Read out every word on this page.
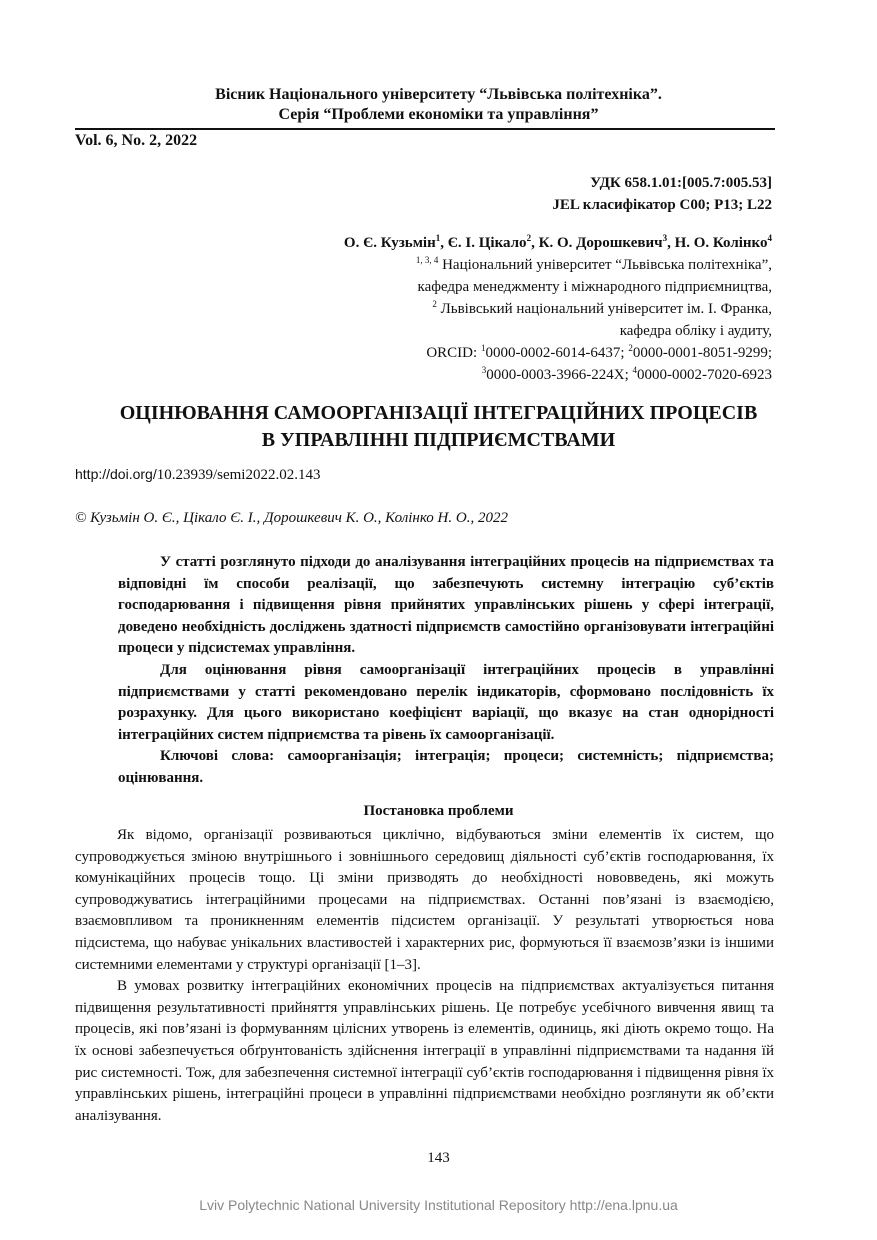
Вісник Національного університету “Львівська політехніка”.
Серія “Проблеми економіки та управління”
Vol. 6, No. 2, 2022
УДК 658.1.01:[005.7:005.53]
JEL класифікатор C00; P13; L22
О. Є. Кузьмін$^1$, Є. І. Цікало$^2$, К. О. Дорошкевич$^3$, Н. О. Колінко$^4$
$^{1, 3, 4}$ Національний університет “Львівська політехніка”,
кафедра менеджменту і міжнародного підприємництва,
$^2$ Львівський національний університет ім. І. Франка,
кафедра обліку і аудиту,
ORCID: $^1$0000-0002-6014-6437; $^2$0000-0001-8051-9299;
$^3$0000-0003-3966-224X; $^4$0000-0002-7020-6923
ОЦІНЮВАННЯ САМООРГАНІЗАЦІЇ ІНТЕГРАЦІЙНИХ ПРОЦЕСІВ
В УПРАВЛІННІ ПІДПРИЄМСТВАМИ
http://doi.org/10.23939/semi2022.02.143
© Кузьмін О. Є., Цікало Є. І., Дорошкевич К. О., Колінко Н. О., 2022

У статті розглянуто підходи до аналізування інтеграційних процесів на підприємствах та відповідні їм способи реалізації, що забезпечують системну інтеграцію суб’єктів господарювання і підвищення рівня прийнятих управлінських рішень у сфері інтеграції, доведено необхідність досліджень здатності підприємств самостійно організовувати інтеграційні процеси у підсистемах управління.

Для оцінювання рівня самоорганізації інтеграційних процесів в управлінні підприємствами у статті рекомендовано перелік індикаторів, сформовано послідовність їх розрахунку. Для цього використано коефіцієнт варіації, що вказує на стан однорідності інтеграційних систем підприємства та рівень їх самоорганізації.

Ключові слова: самоорганізація; інтеграція; процеси; системність; підприємства; оцінювання.

Постановка проблеми

Як відомо, організації розвиваються циклічно, відбуваються зміни елементів їх систем, що супроводжується зміною внутрішнього і зовнішнього середовищ діяльності суб’єктів господарювання, їх комунікаційних процесів тощо. Ці зміни призводять до необхідності нововведень, які можуть супроводжуватись інтеграційними процесами на підприємствах. Останні пов’язані із взаємодією, взаємовпливом та проникненням елементів підсистем організації. У результаті утворюється нова підсистема, що набуває унікальних властивостей і характерних рис, формуються її взаємозв’язки із іншими системними елементами у структурі організації [1–3].

В умовах розвитку інтеграційних економічних процесів на підприємствах актуалізується питання підвищення результативності прийняття управлінських рішень. Це потребує усебічного вивчення явищ та процесів, які пов’язані із формуванням цілісних утворень із елементів, одиниць, які діють окремо тощо. На їх основі забезпечується обґрунтованість здійснення інтеграції в управлінні підприємствами та надання їй рис системності. Тож, для забезпечення системної інтеграції суб’єктів господарювання і підвищення рівня їх управлінських рішень, інтеграційні процеси в управлінні підприємствами необхідно розглянути як об’єкти аналізування.

143
Lviv Polytechnic National University Institutional Repository http://ena.lpnu.ua
